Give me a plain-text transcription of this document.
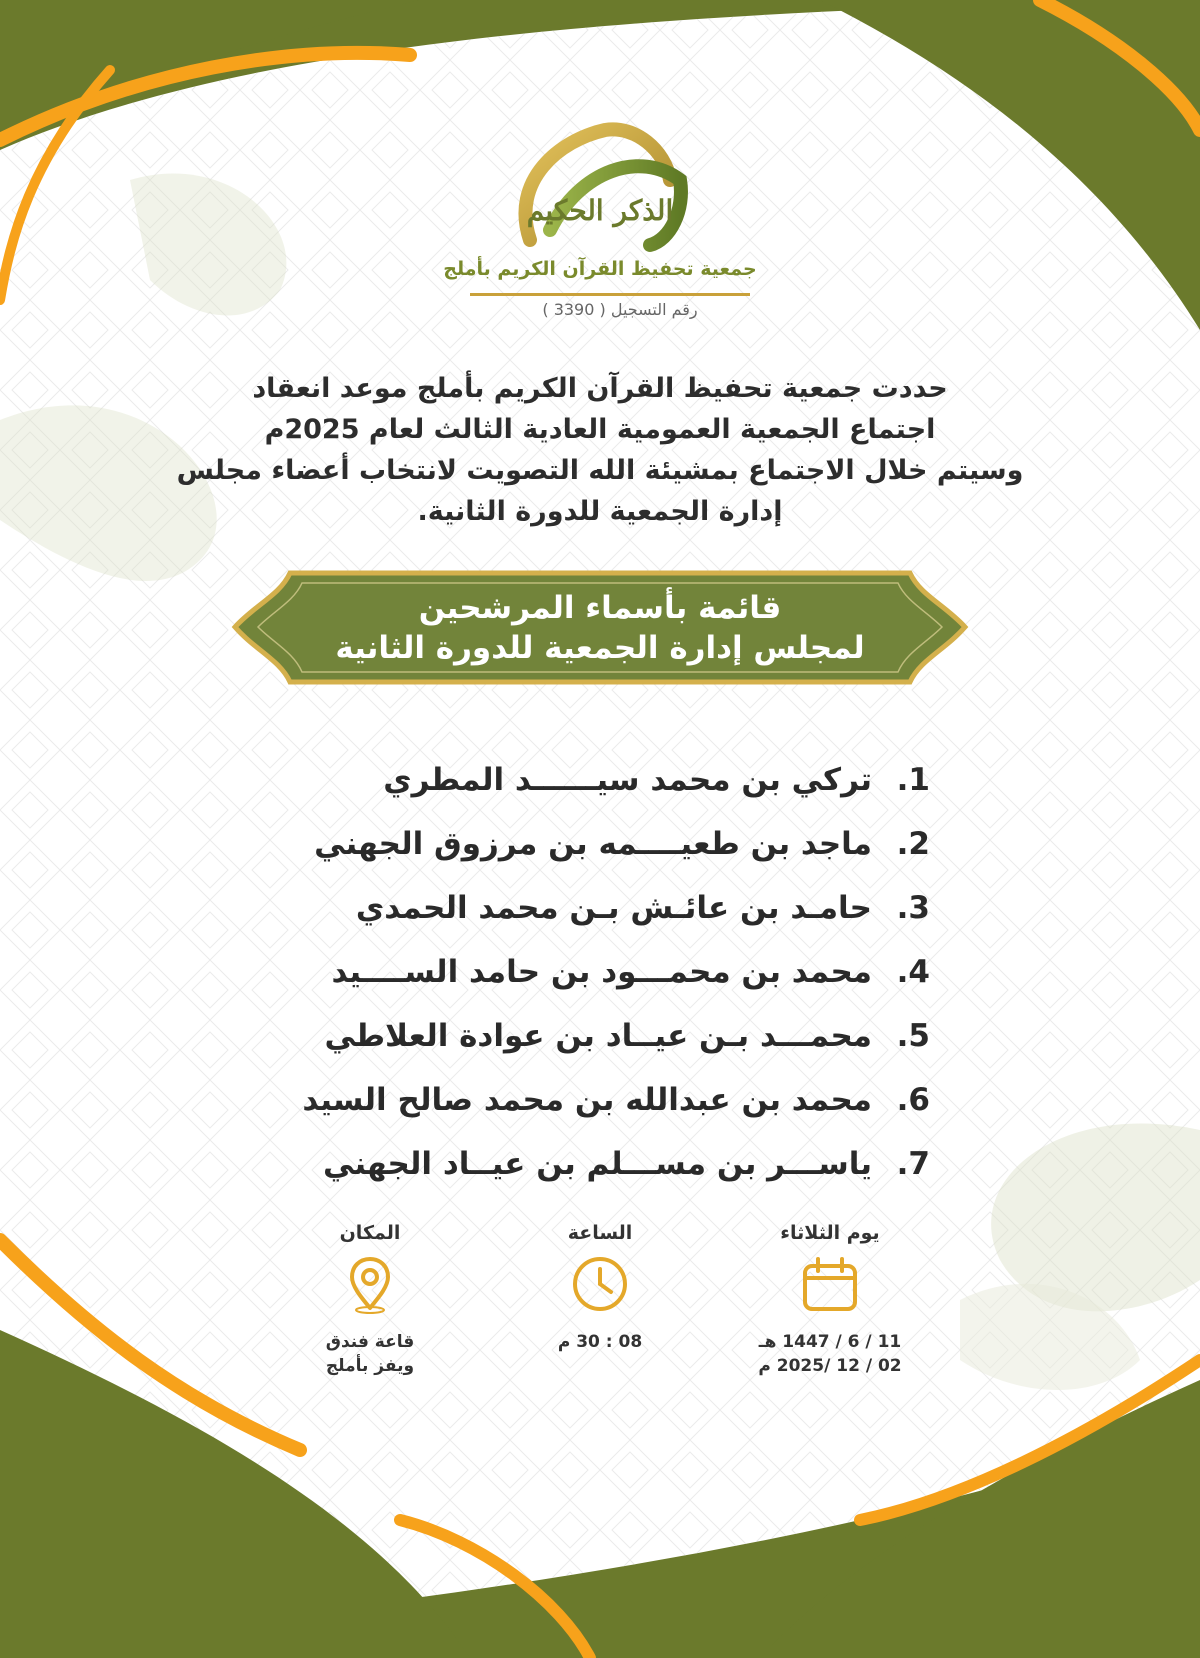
الذكر الحكيم
جمعية تحفيظ القرآن الكريم بأملج
رقم التسجيل ( 3390 )
حددت جمعية تحفيظ القرآن الكريم بأملج موعد انعقاد
اجتماع الجمعية العمومية العادية الثالث لعام 2025م
وسيتم خلال الاجتماع بمشيئة الله التصويت لانتخاب أعضاء مجلس
إدارة الجمعية للدورة الثانية.
قائمة بأسماء المرشحين
لمجلس إدارة الجمعية للدورة الثانية
1.
تركي بن محمد سيــــــد المطري
2.
ماجد بن طعيــــمه بن مرزوق الجهني
3.
حامـد بن عائـش بـن محمد الحمدي
4.
محمد بن محمـــود بن حامد الســــيد
5.
محمـــد بـن عيــاد بن عوادة العلاطي
6.
محمد بن عبدالله بن محمد صالح السيد
7.
ياســـر بن مســـلم بن عيــاد الجهني
يوم الثلاثاء
11 / 6 / 1447 هـ
02 / 12 /2025 م
الساعة
08 : 30 م
المكان
قاعة فندق
ويفز بأملج
